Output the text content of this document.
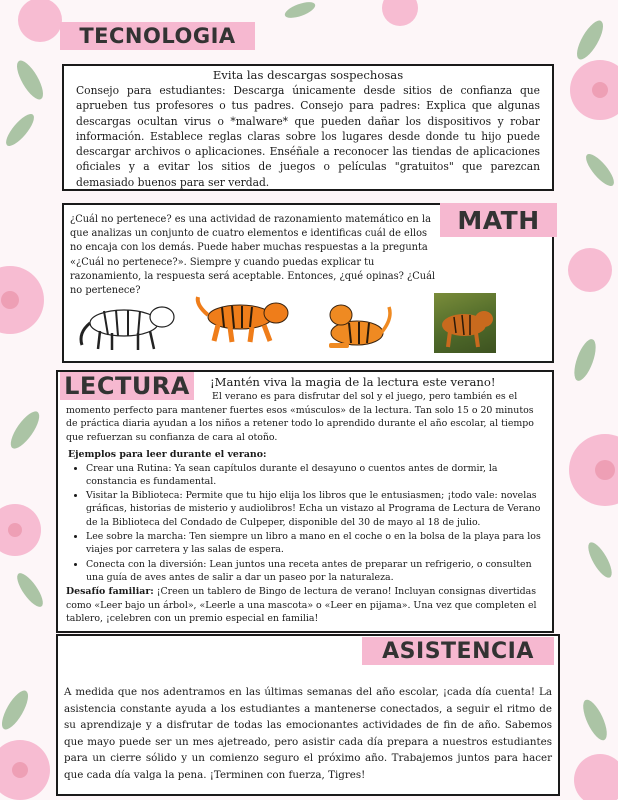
TECNOLOGIA
Evita las descargas sospechosas

Consejo para estudiantes: Descarga únicamente desde sitios de confianza que aprueben tus profesores o tus padres. Consejo para padres: Explica que algunas descargas ocultan virus o *malware* que pueden dañar los dispositivos y robar información. Establece reglas claras sobre los lugares desde donde tu hijo puede descargar archivos o aplicaciones. Enséñale a reconocer las tiendas de aplicaciones oficiales y a evitar los sitios de juegos o películas "gratuitos" que parezcan demasiado buenos para ser verdad.

¿Cuál no pertenece? es una actividad de razonamiento matemático en la que analizas un conjunto de cuatro elementos e identificas cuál de ellos no encaja con los demás. Puede haber muchas respuestas a la pregunta «¿Cuál no pertenece?». Siempre y cuando puedas explicar tu razonamiento, la respuesta será aceptable. Entonces, ¿qué opinas? ¿Cuál no pertenece?

MATH
¡Mantén viva la magia de la lectura este verano!

El verano es para disfrutar del sol y el juego, pero también es el momento perfecto para mantener fuertes esos «músculos» de la lectura. Tan solo 15 o 20 minutos de práctica diaria ayudan a los niños a retener todo lo aprendido durante el año escolar, al tiempo que refuerzan su confianza de cara al otoño.

Ejemplos para leer durante el verano:
• Crear una Rutina: Ya sean capítulos durante el desayuno o cuentos antes de dormir, la constancia es fundamental.
• Visitar la Biblioteca: Permite que tu hijo elija los libros que le entusiasmen; ¡todo vale: novelas gráficas, historias de misterio y audiolibros! Echa un vistazo al Programa de Lectura de Verano de la Biblioteca del Condado de Culpeper, disponible del 30 de mayo al 18 de julio.
• Lee sobre la marcha: Ten siempre un libro a mano en el coche o en la bolsa de la playa para los viajes por carretera y las salas de espera.
• Conecta con la diversión: Lean juntos una receta antes de preparar un refrigerio, o consulten una guía de aves antes de salir a dar un paseo por la naturaleza.

Desafío familiar: ¡Creen un tablero de Bingo de lectura de verano! Incluyan consignas divertidas como «Leer bajo un árbol», «Leerle a una mascota» o «Leer en pijama». Una vez que completen el tablero, ¡celebren con un premio especial en familia!

LECTURA

A medida que nos adentramos en las últimas semanas del año escolar, ¡cada día cuenta! La asistencia constante ayuda a los estudiantes a mantenerse conectados, a seguir el ritmo de su aprendizaje y a disfrutar de todas las emocionantes actividades de fin de año. Sabemos que mayo puede ser un mes ajetreado, pero asistir cada día prepara a nuestros estudiantes para un cierre sólido y un comienzo seguro el próximo año. Trabajemos juntos para hacer que cada día valga la pena. ¡Terminen con fuerza, Tigres!

ASISTENCIA
